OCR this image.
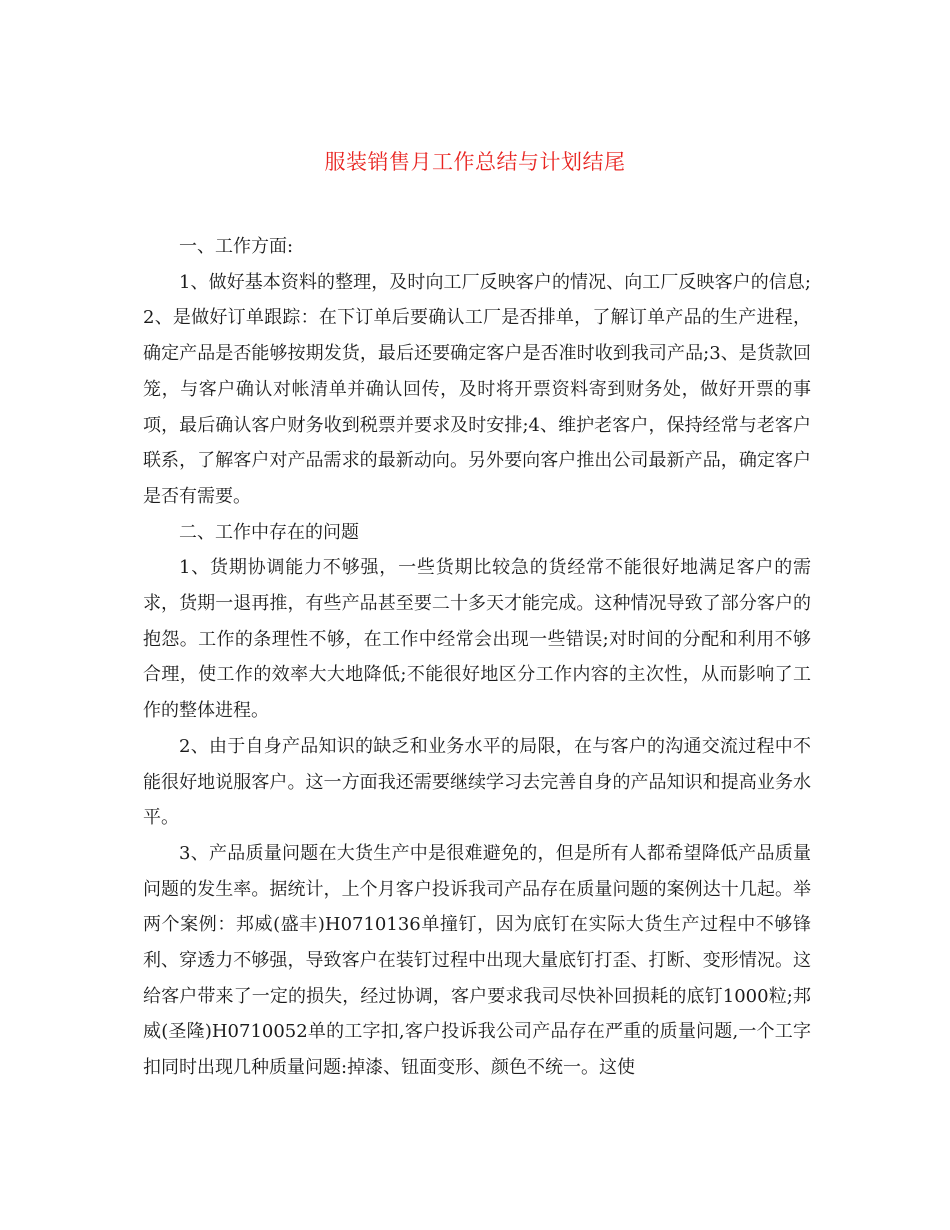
服装销售月工作总结与计划结尾

一、工作方面:

1、做好基本资料的整理，及时向工厂反映客户的情况、向工厂反映客户的信息;2、是做好订单跟踪：在下订单后要确认工厂是否排单，了解订单产品的生产进程，确定产品是否能够按期发货，最后还要确定客户是否准时收到我司产品;3、是货款回笼，与客户确认对帐清单并确认回传，及时将开票资料寄到财务处，做好开票的事项，最后确认客户财务收到税票并要求及时安排;4、维护老客户，保持经常与老客户联系，了解客户对产品需求的最新动向。另外要向客户推出公司最新产品，确定客户是否有需要。

二、工作中存在的问题

1、货期协调能力不够强，一些货期比较急的货经常不能很好地满足客户的需求，货期一退再推，有些产品甚至要二十多天才能完成。这种情况导致了部分客户的抱怨。工作的条理性不够，在工作中经常会出现一些错误;对时间的分配和利用不够合理，使工作的效率大大地降低;不能很好地区分工作内容的主次性，从而影响了工作的整体进程。

2、由于自身产品知识的缺乏和业务水平的局限，在与客户的沟通交流过程中不能很好地说服客户。这一方面我还需要继续学习去完善自身的产品知识和提高业务水平。

3、产品质量问题在大货生产中是很难避免的，但是所有人都希望降低产品质量问题的发生率。据统计，上个月客户投诉我司产品存在质量问题的案例达十几起。举两个案例：邦威(盛丰)H0710136单撞钉，因为底钉在实际大货生产过程中不够锋利、穿透力不够强，导致客户在装钉过程中出现大量底钉打歪、打断、变形情况。这给客户带来了一定的损失，经过协调，客户要求我司尽快补回损耗的底钉1000粒;邦威(圣隆)H0710052单的工字扣,客户投诉我公司产品存在严重的质量问题,一个工字扣同时出现几种质量问题:掉漆、钮面变形、颜色不统一。这使
